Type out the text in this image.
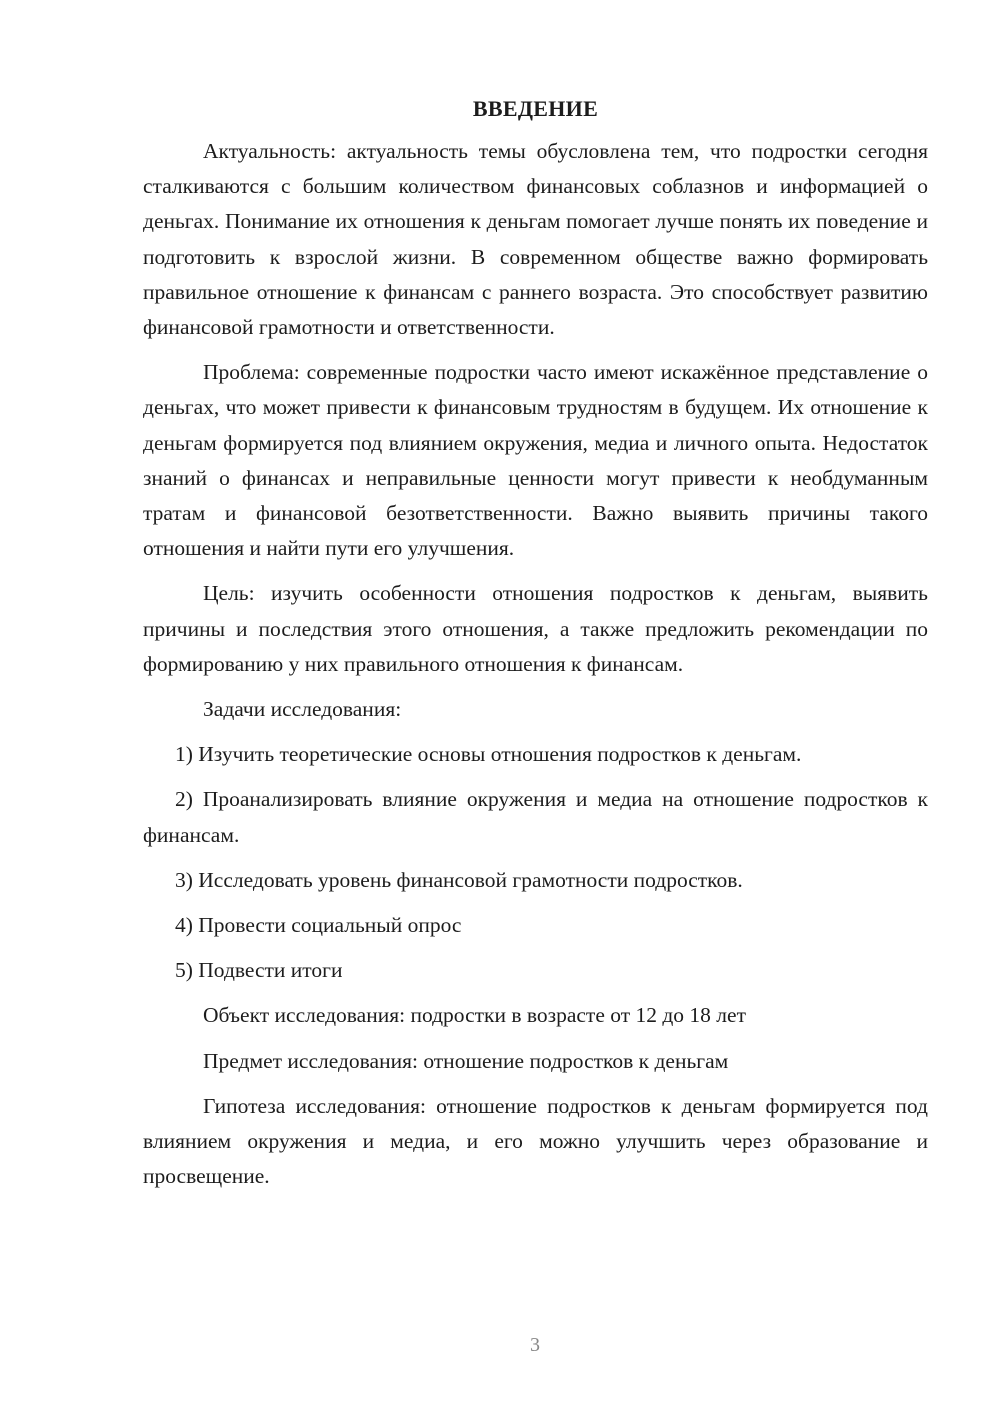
ВВЕДЕНИЕ
Актуальность: актуальность темы обусловлена тем, что подростки сегодня сталкиваются с большим количеством финансовых соблазнов и информацией о деньгах. Понимание их отношения к деньгам помогает лучше понять их поведение и подготовить к взрослой жизни. В современном обществе важно формировать правильное отношение к финансам с раннего возраста. Это способствует развитию финансовой грамотности и ответственности.
Проблема: современные подростки часто имеют искажённое представление о деньгах, что может привести к финансовым трудностям в будущем. Их отношение к деньгам формируется под влиянием окружения, медиа и личного опыта. Недостаток знаний о финансах и неправильные ценности могут привести к необдуманным тратам и финансовой безответственности. Важно выявить причины такого отношения и найти пути его улучшения.
Цель: изучить особенности отношения подростков к деньгам, выявить причины и последствия этого отношения, а также предложить рекомендации по формированию у них правильного отношения к финансам.
Задачи исследования:
1) Изучить теоретические основы отношения подростков к деньгам.
2) Проанализировать влияние окружения и медиа на отношение подростков к финансам.
3) Исследовать уровень финансовой грамотности подростков.
4) Провести социальный опрос
5) Подвести итоги
Объект исследования: подростки в возрасте от 12 до 18 лет
Предмет исследования: отношение подростков к деньгам
Гипотеза исследования: отношение подростков к деньгам формируется под влиянием окружения и медиа, и его можно улучшить через образование и просвещение.
3
